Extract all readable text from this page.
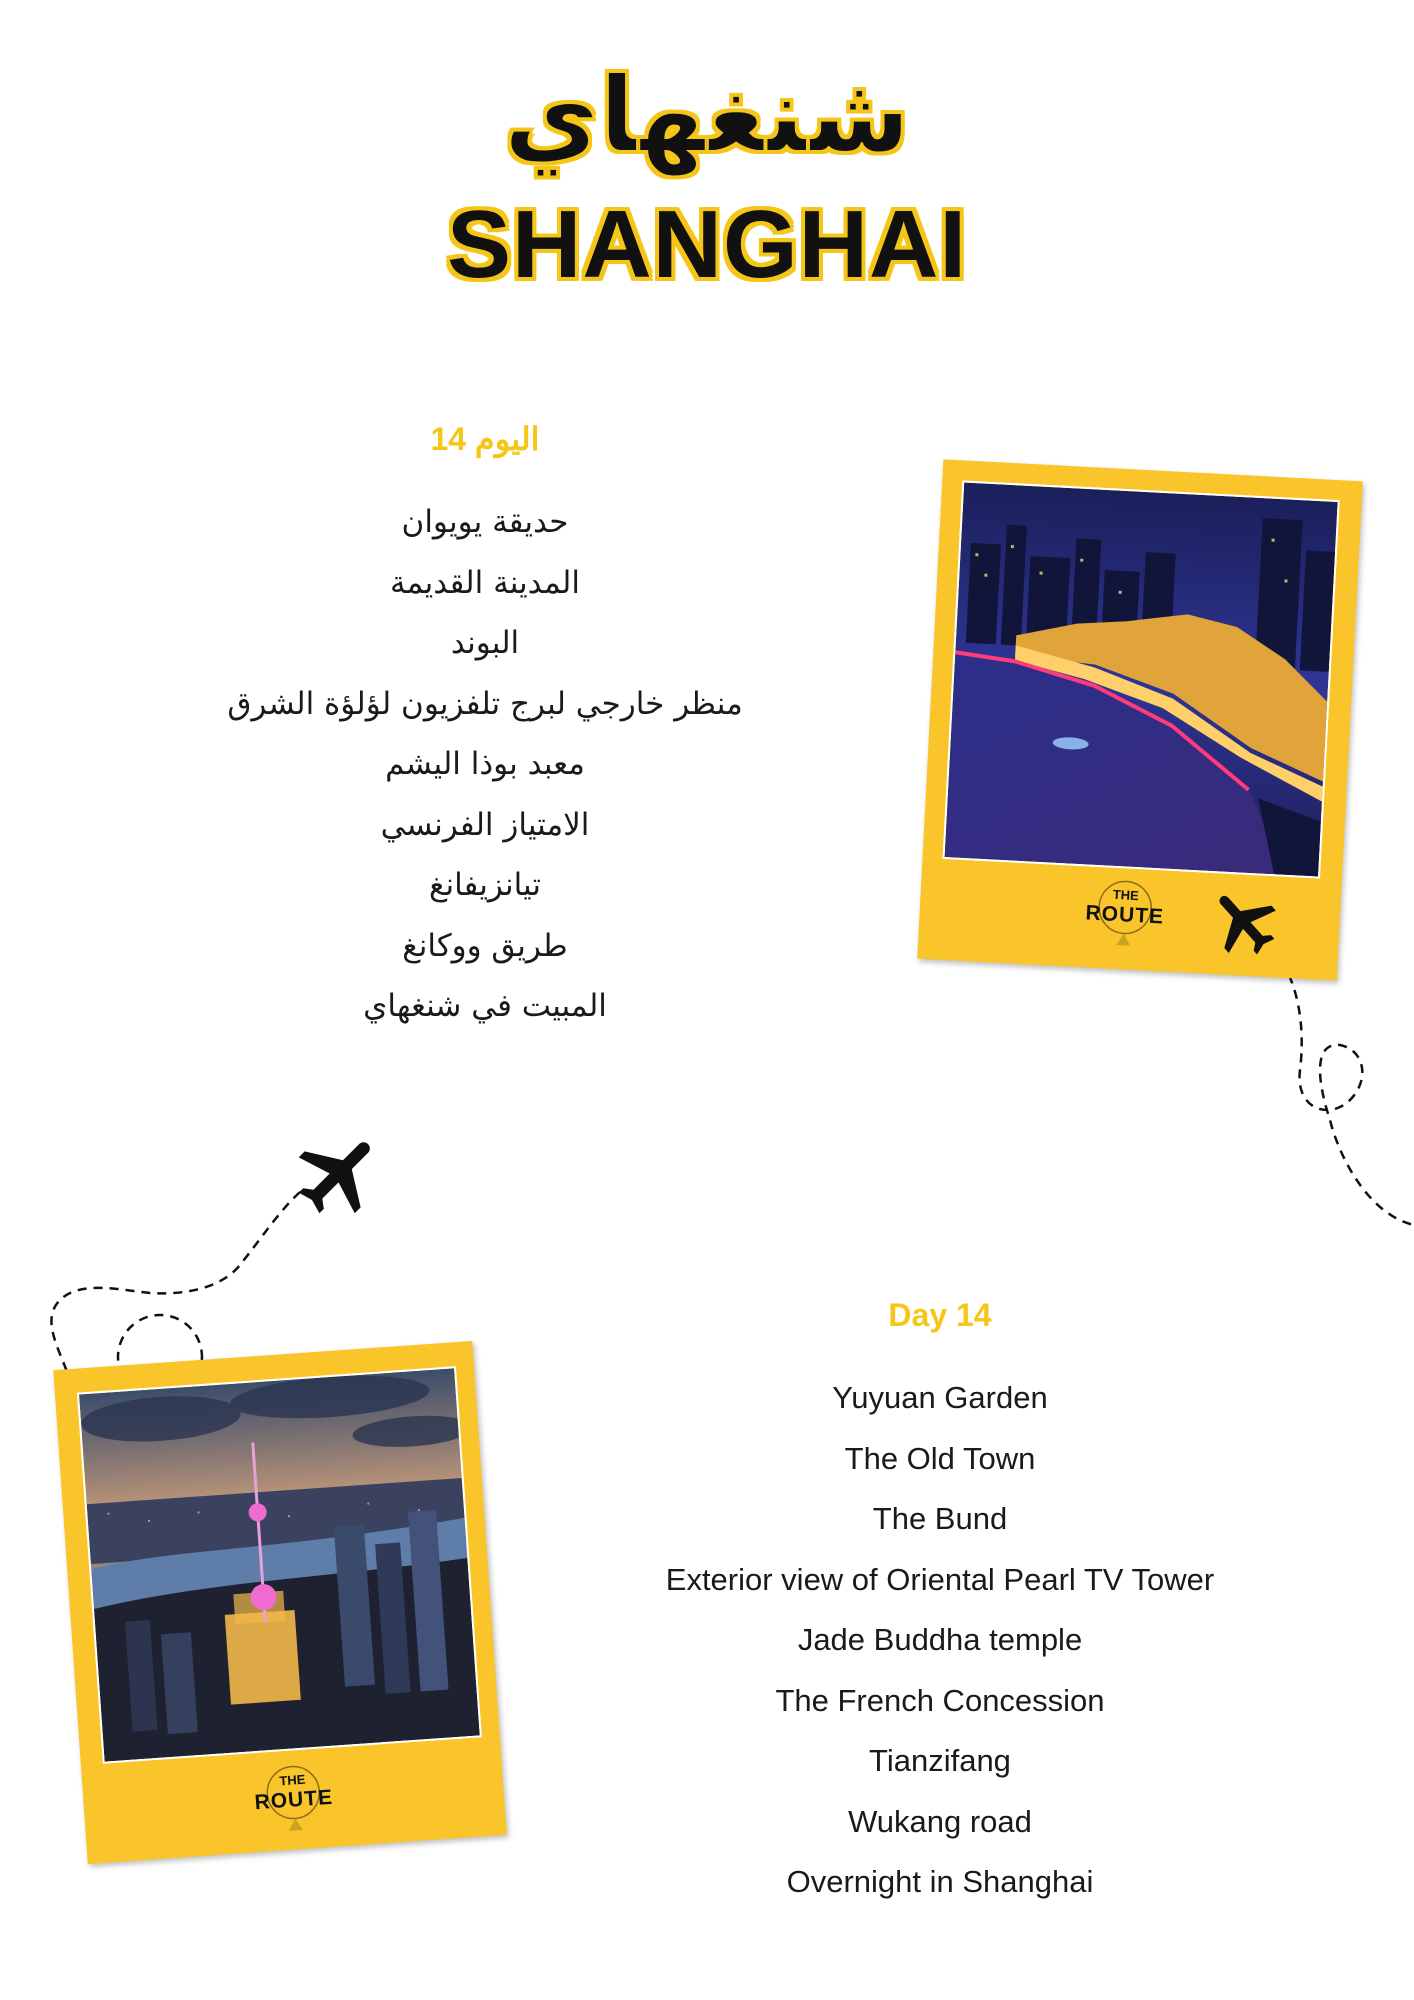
شنغهاي
SHANGHAI
اليوم 14
حديقة يويوان
المدينة القديمة
البوند
منظر خارجي لبرج تلفزيون لؤلؤة الشرق
معبد بوذا اليشم
الامتياز الفرنسي
تيانزيفانغ
طريق ووكانغ
المبيت في شنغهاي
Day 14
Yuyuan Garden
The Old Town
The Bund
Exterior view of Oriental Pearl TV Tower
Jade Buddha temple
The French Concession
Tianzifang
Wukang road
Overnight in Shanghai
THE
ROUTE
THE
ROUTE
